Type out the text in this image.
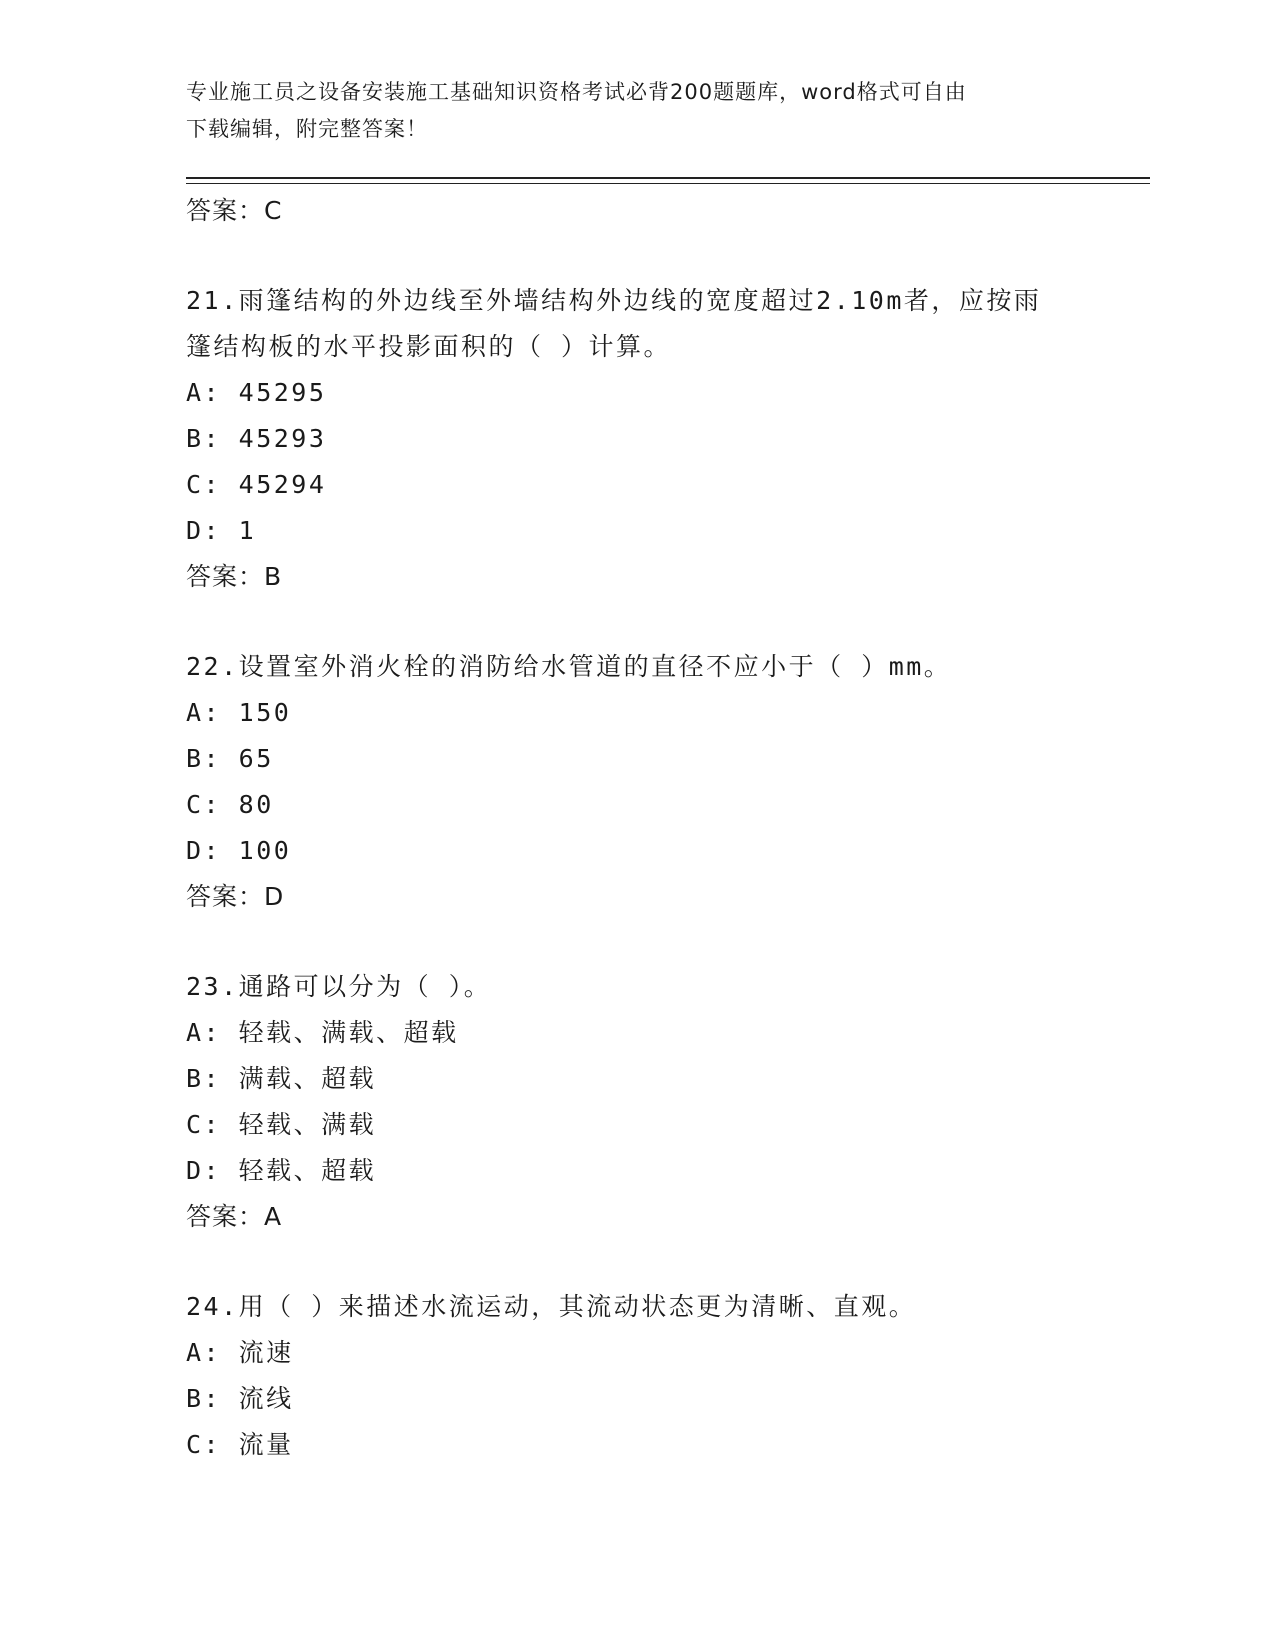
专业施工员之设备安装施工基础知识资格考试必背200题题库，word格式可自由
下载编辑，附完整答案！
答案：C
21.雨篷结构的外边线至外墙结构外边线的宽度超过2.10m者，应按雨
篷结构板的水平投影面积的（ ）计算。
A: 45295
B: 45293
C: 45294
D: 1
答案：B
22.设置室外消火栓的消防给水管道的直径不应小于（ ）mm。
A: 150
B: 65
C: 80
D: 100
答案：D
23.通路可以分为（ ）。
A: 轻载、满载、超载
B: 满载、超载
C: 轻载、满载
D: 轻载、超载
答案：A
24.用（ ）来描述水流运动，其流动状态更为清晰、直观。
A: 流速
B: 流线
C: 流量
